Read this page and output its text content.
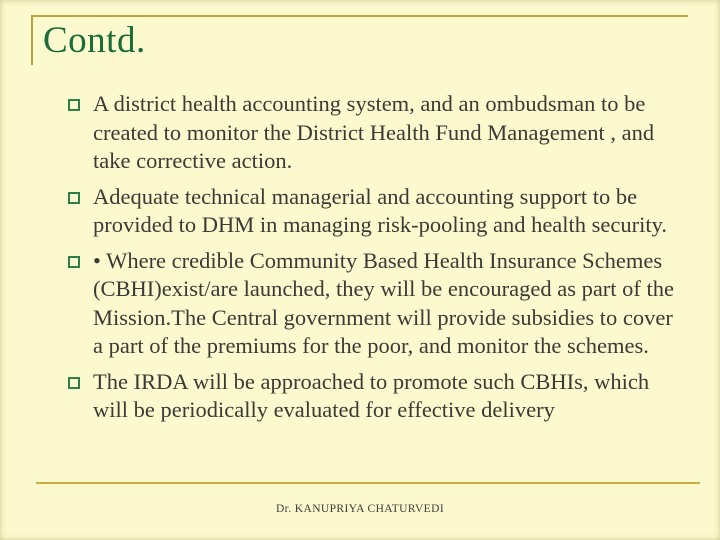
Contd.
A district health accounting system, and an ombudsman to be created to monitor the District Health Fund Management , and take corrective action.
Adequate technical managerial and accounting support to be provided to DHM in managing risk-pooling and health security.
• Where credible Community Based Health Insurance Schemes (CBHI)exist/are launched, they will be encouraged as part of the Mission.The Central government will provide subsidies to cover a part of the premiums for the poor, and monitor the schemes.
The IRDA will be approached to promote such CBHIs, which will be periodically evaluated for effective delivery
Dr. KANUPRIYA CHATURVEDI
